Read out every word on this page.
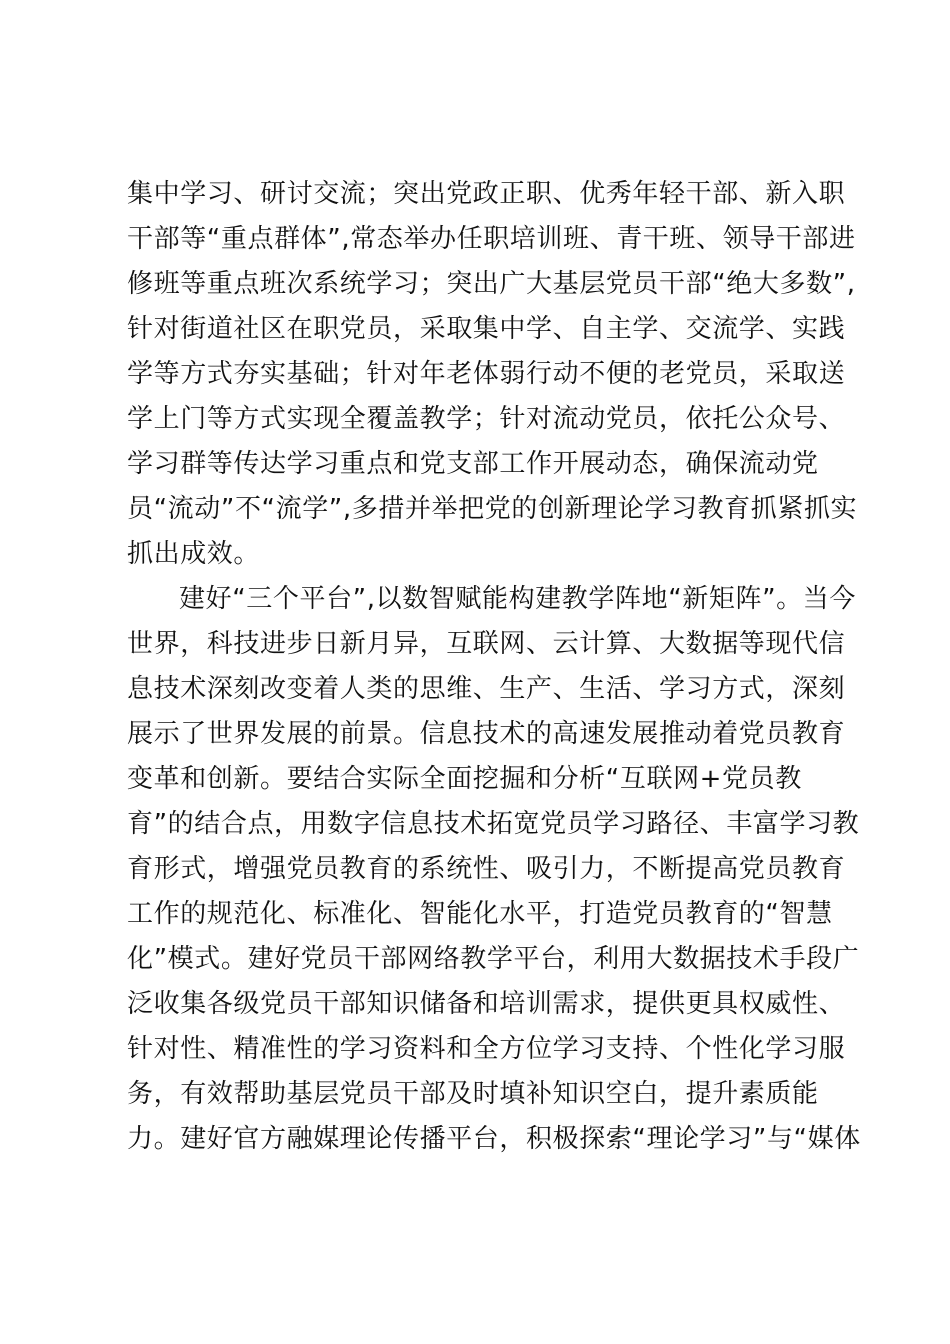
集中学习、研讨交流；突出党政正职、优秀年轻干部、新入职
干部等“重点群体”,常态举办任职培训班、青干班、领导干部进
修班等重点班次系统学习；突出广大基层党员干部“绝大多数”,
针对街道社区在职党员，采取集中学、自主学、交流学、实践
学等方式夯实基础；针对年老体弱行动不便的老党员，采取送
学上门等方式实现全覆盖教学；针对流动党员，依托公众号、
学习群等传达学习重点和党支部工作开展动态，确保流动党
员“流动”不“流学”,多措并举把党的创新理论学习教育抓紧抓实
抓出成效。
建好“三个平台”,以数智赋能构建教学阵地“新矩阵”。当今
世界，科技进步日新月异，互联网、云计算、大数据等现代信
息技术深刻改变着人类的思维、生产、生活、学习方式，深刻
展示了世界发展的前景。信息技术的高速发展推动着党员教育
变革和创新。要结合实际全面挖掘和分析“互联网+党员教
育”的结合点，用数字信息技术拓宽党员学习路径、丰富学习教
育形式，增强党员教育的系统性、吸引力，不断提高党员教育
工作的规范化、标准化、智能化水平，打造党员教育的“智慧
化”模式。建好党员干部网络教学平台，利用大数据技术手段广
泛收集各级党员干部知识储备和培训需求，提供更具权威性、
针对性、精准性的学习资料和全方位学习支持、个性化学习服
务，有效帮助基层党员干部及时填补知识空白，提升素质能
力。建好官方融媒理论传播平台，积极探索“理论学习”与“媒体
